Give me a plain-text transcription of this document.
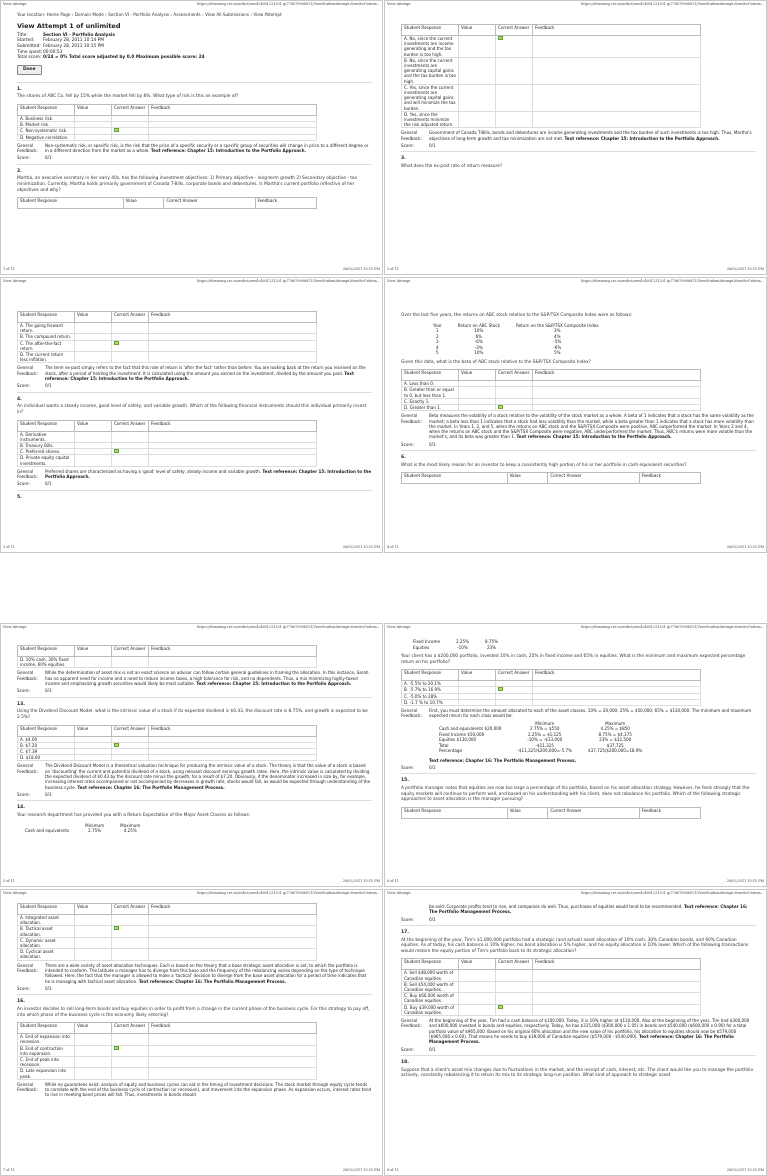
View Attempt	https://elearning.cei.ca/webct/urw/lc4601231201.tp776679988011/ViewStudentAttempt.dowebct?attem...
Your location: Home Page › Domain Mode › Section VI - Portfolio Analysis › Assessments › View All Submissions › View Attempt
View Attempt 1 of unlimited
Title:	Section VI - Portfolio Analysis
Started:	February 28, 2011 10:14 PM
Submitted: February 28, 2011 10:15 PM
Time spent: 00:00:53
Total score: 0/24 = 0% Total score adjusted by 0.0 Maximum possible score: 24
Done
1.
The shares of ABC Co. fell by 15% while the market fell by 8%. What type of risk is this an example of?
Student Response	Value	Correct Answer	Feedback
A. Business risk.			
B. Market risk.			
C. Non-systematic risk.			
D. Negative correlation.			
General Feedback:
Non-systematic risk, or specific risk, is the risk that the price of a specific security or a specific group of securities will change in price to a different degree or in a different direction from the market as a whole. Text reference: Chapter 15: Introduction to the Portfolio Approach.
Score:	0/1
2.
Martha, an executive secretary in her early 40s, has the following investment objectives: 1) Primary objective - long-term growth 2) Secondary objective - tax minimization. Currently, Martha holds primarily government of Canada T-Bills, corporate bonds and debentures. Is Martha's current portfolio reflective of her objectives and why?
Student Response	Value	Correct Answer	Feedback
1 of 11	28/02/2011 10:15 PM
View Attempt	https://elearning.cei.ca/webct/urw/lc4601231201.tp776679988011/ViewStudentAttempt.dowebct?attem...
Student Response	Value	Correct Answer	Feedback
A. No, since the current investments are income generating and the tax burden is too high.			
B. No, since the current investments are generating capital gains and the tax burden is too high.			
C. Yes, since the current investments are generating capital gains and will minimize the tax burden.			
D. Yes, since the investments minimize the risk adjusted return.			
General Feedback:
Government of Canada T-Bills, bonds and debentures are income generating investments and the tax burden of such investments is too high. Thus, Martha's objectives of long-term growth and tax minimization are not met. Text reference: Chapter 15: Introduction to the Portfolio Approach.
Score:	0/1
3.
What does the ex-post rate of return measure?
2 of 11	28/02/2011 10:15 PM
View Attempt	https://elearning.cei.ca/webct/urw/lc4601231201.tp776679988011/ViewStudentAttempt.dowebct?attem...
Student Response	Value	Correct Answer	Feedback
A. The going forward return.			
B. The compound return.			
C. The after-the-fact return.			
D. The current return less inflation.			
General Feedback:
The term ex-post simply refers to the fact that this rate of return is 'after the fact' rather than before. You are looking back at the return you received on the stock, after a period of holding the investment. It is calculated using the amount you earned on the investment, divided by the amount you paid. Text reference: Chapter 15: Introduction to the Portfolio Approach.
Score:	0/1
4.
An individual wants a steady income, good level of safety, and variable growth. Which of the following financial instruments should this individual primarily invest in?
Student Response	Value	Correct Answer	Feedback
A. Derivative instruments.			
B. Treasury Bills.			
C. Preferred shares.			
D. Private equity capital investments.			
General Feedback:
Preferred shares are characterized as having a 'good' level of safety, steady income and variable growth. Text reference: Chapter 15: Introduction to the Portfolio Approach.
Score:	0/1
5.
3 of 11	28/02/2011 10:15 PM
View Attempt	https://elearning.cei.ca/webct/urw/lc4601231201.tp776679988011/ViewStudentAttempt.dowebct?attem...
Over the last five years, the returns on ABC stock relative to the S&P/TSX Composite Index were as follows:
Year	Return on ABC Stock	Return on the S&P/TSX Composite Index
1	10%	3%
2	6%	4%
3	-6%	-5%
4	-3%	-6%
5	10%	5%
Given this data, what is the beta of ABC stock relative to the S&P/TSX Composite Index?
Student Response	Value	Correct Answer	Feedback
A. Less than 0.			
B. Greater than or equal to 0, but less than 1.			
C. Exactly 1.			
D. Greater than 1.			
General Feedback:
Beta measures the volatility of a stock relative to the volatility of the stock market as a whole. A beta of 1 indicates that a stock has the same volatility as the market; a beta less than 1 indicates that a stock had less volatility than the market, while a beta greater than 1 indicates that a stock has more volatility than the market. In Years 1, 2, and 5, when the returns on ABC stock and the S&P/TSX Composite were positive, ABC outperformed the market. In Years 3 and 4, when the returns on ABC stock and the S&P/TSX Composite were negative, ABC underperformed the market. Thus, ABC's returns were more volatile than the market's, and its beta was greater than 1. Text reference: Chapter 15: Introduction to the Portfolio Approach.
Score:	0/1
6.
What is the most likely reason for an investor to keep a consistently high portion of his or her portfolio in cash equivalent securities?
Student Response	Value	Correct Answer	Feedback
4 of 11	28/02/2011 10:15 PM
View Attempt	https://elearning.cei.ca/webct/urw/lc4601231201.tp776679988011/ViewStudentAttempt.dowebct?attem...
Student Response	Value	Correct Answer	Feedback
D. 10% cash, 30% fixed income, 60% equities.			
General Feedback:
While the determination of asset mix is not an exact science an advisor can follow certain general guidelines in framing the allocation. In this instance, Sarah has no apparent need for income and a need to reduce income taxes, a high tolerance for risk, and no dependents. Thus, a mix minimizing highly-taxed income and emphasizing growth securities would likely be most suitable. Text reference: Chapter 15: Introduction to the Portfolio Approach.
Score:	0/1
13.
Using the Dividend Discount Model, what is the intrinsic value of a stock if its expected dividend is $0.43, the discount rate is 8.75%, and growth is expected to be 2.5%?
Student Response	Value	Correct Answer	Feedback
A. $4.00			
B. $7.20			
C. $7.39			
D. $18.00			
General Feedback:
The Dividend Discount Model is a theoretical valuation technique for producing the intrinsic value of a stock. The theory is that the value of a stock is based on 'discounting' the current and potential dividend of a stock, using relevant discount earnings growth rates. Here, the intrinsic value is calculated by dividing the expected dividend of $0.43 by the discount rate minus the growth, for a result of $7.20. Obviously, if the denominator increased in size by, for example, increasing interest rates accompanied or not accompanied by decreases in growth rate, stocks would fall, as would be expected through understanding of the business cycle. Text reference: Chapter 16: The Portfolio Management Process.
Score:	0/1
14.
Your research department has provided you with a Return Expectation of the Major Asset Classes as follows:
	Minimum	Maximum
Cash and equivalents	2.75%	4.25%
5 of 11	28/02/2011 10:15 PM
View Attempt	https://elearning.cei.ca/webct/urw/lc4601231201.tp776679988011/ViewStudentAttempt.dowebct?attem...
Fixed Income	2.25%	8.75%
Equities	-10%	23%
Your client has a $200,000 portfolio, invested 10% in cash, 25% in fixed income and 65% in equities. What is the minimum and maximum expected percentage return on his portfolio?
Student Response	Value	Correct Answer	Feedback
A. -5.5% to 20.1%			
B. -5.7% to 16.9%			
C. -5.0% to 28%			
D. -1.7 % to 10.7%			
General Feedback:
First, you must determine the amount allocated to each of the asset classes. 10% = 20,000; 25% = $50,000; 65% = $130,000. The minimum and maximum expected return for each class would be:
	Minimum	Maximum
Cash and equivalents $20,000	2.75% = $550	4.25% = $850
Fixed Income $50,000	2.25% = $1,125	8.75% = $4,375
Equities $130,000	-10% = -$13,000	23% = $32,500
Total	-$11,325	$37,725
Percentage	-$11,325/$200,000=-5.7%	$37,725/$200,000=18.9%
Text reference: Chapter 16: The Portfolio Management Process.
Score:	0/1
15.
A portfolio manager notes that equities are now too large a percentage of his portfolio, based on his asset allocation strategy. However, he feels strongly that the equity markets will continue to perform well, and based on his understanding with his client, does not rebalance his portfolio. Which of the following strategic approaches to asset allocation is the manager pursuing?
Student Response	Value	Correct Answer	Feedback
6 of 11	28/02/2011 10:15 PM
View Attempt	https://elearning.cei.ca/webct/urw/lc4601231201.tp776679988011/ViewStudentAttempt.dowebct?attem...
Student Response	Value	Correct Answer	Feedback
A. Integrated asset allocation.			
B. Tactical asset allocation.			
C. Dynamic asset allocation.			
D. Cyclical asset allocation.			
General Feedback:
There are a wide variety of asset allocation techniques. Each is based on the theory that a base strategic asset allocation is set, to which the portfolio is intended to conform. The latitude a manager has to diverge from this base and the frequency of the rebalancing varies depending on the type of technique followed. Here, the fact that the manager is allowed to make a 'tactical' decision to diverge from the base asset allocation for a period of time indicates that he is managing with tactical asset allocation. Text reference: Chapter 16: The Portfolio Management Process.
Score:	0/1
16.
An investor decides to sell long-term bonds and buy equities in order to profit from a change in the current phase of the business cycle. For this strategy to pay off, into which phase of the business cycle is the economy likely entering?
Student Response	Value	Correct Answer	Feedback
A. End of expansion into recession.			
B. End of contraction into expansion.			
C. End of peak into recession.			
D. Late expansion into peak.			
General Feedback:
While no guarantees exist, analysis of equity and business cycles can aid in the timing of investment decisions. The stock market through equity cycle tends to correlate with the end of the business cycle of contraction (or recession), and movement into the expansion phase. As expansion occurs, interest rates tend to rise in meeting bond prices will fall. Thus, investments in bonds should
7 of 11	28/02/2011 10:15 PM
View Attempt	https://elearning.cei.ca/webct/urw/lc4601231201.tp776679988011/ViewStudentAttempt.dowebct?attem...
be sold. Corporate profits tend to rise, and companies do well. Thus, purchases of equities would tend to be recommended. Text reference: Chapter 16: The Portfolio Management Process.
Score:	0/1
17.
At the beginning of the year, Tim's $1,000,000 portfolio had a strategic (and actual) asset allocation of 10% cash, 30% Canadian bonds, and 60% Canadian equities. As of today, his cash balance is 10% higher, his bond allocation is 5% higher, and his equity allocation is 10% lower. Which of the following transactions would restore the equity portion of Tim's portfolio back to its strategic allocation?
Student Response	Value	Correct Answer	Feedback
A. Sell $48,000 worth of Canadian equities.			
B. Sell $54,000 worth of Canadian equities.			
C. Buy $60,000 worth of Canadian equities.			
D. Buy $39,000 worth of Canadian equities.			
General Feedback:
At the beginning of the year, Tim had a cash balance of $100,000. Today, it is 10% higher at $110,000. Also at the beginning of the year, Tim had $300,000 and $600,000 invested in bonds and equities, respectively. Today, he has $315,000 ($300,000 x 1.05) in bonds and $540,000 ($600,000 x 0.90) for a total portfolio value of $965,000. Based on his original 60% allocation and the new value of his portfolio, his allocation to equities should now be $579,000 ($965,000 x 0.60). That means he needs to buy $39,000 of Canadian equities ($579,000 - $540,000). Text reference: Chapter 16: The Portfolio Management Process.
Score:	0/1
18.
Suppose that a client's asset mix changes due to fluctuations in the market, and the receipt of cash, interest, etc. The client would like you to manage the portfolio actively, constantly rebalancing it to return its mix to its strategic long-run position. What kind of approach to strategic asset
8 of 11	28/02/2011 10:15 PM
